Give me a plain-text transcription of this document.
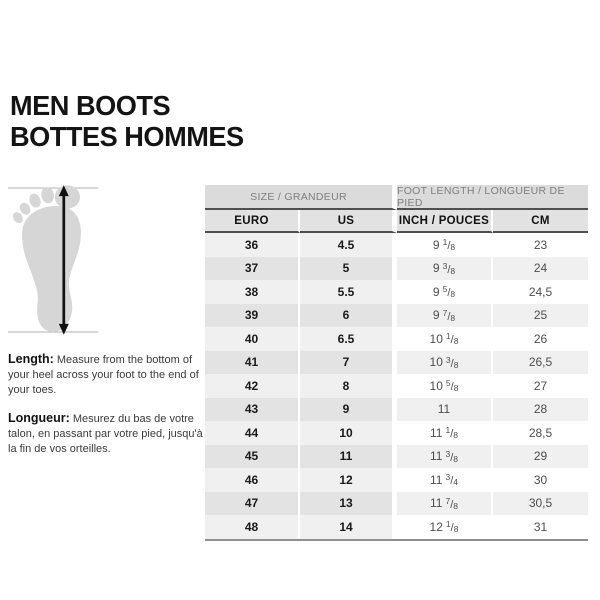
MEN BOOTS
BOTTES HOMMES

Length: Measure from the bottom of your heel across your foot to the end of your toes.

Longueur: Mesurez du bas de votre talon, en passant par votre pied, jusqu'à la fin de vos orteilles.

SIZE / GRANDEUR	FOOT LENGTH / LONGUEUR DE PIED
EURO	US	INCH / POUCES	CM
36	4.5	9 $^1$/8	23
37	5	9 $^3$/8	24
38	5.5	9 $^5$/8	24,5
39	6	9 $^7$/8	25
40	6.5	10 $^1$/8	26
41	7	10 $^3$/8	26,5
42	8	10 $^5$/8	27
43	9	11	28
44	10	11 $^1$/8	28,5
45	11	11 $^3$/8	29
46	12	11 $^3$/4	30
47	13	11 $^7$/8	30,5
48	14	12 $^1$/8	31
